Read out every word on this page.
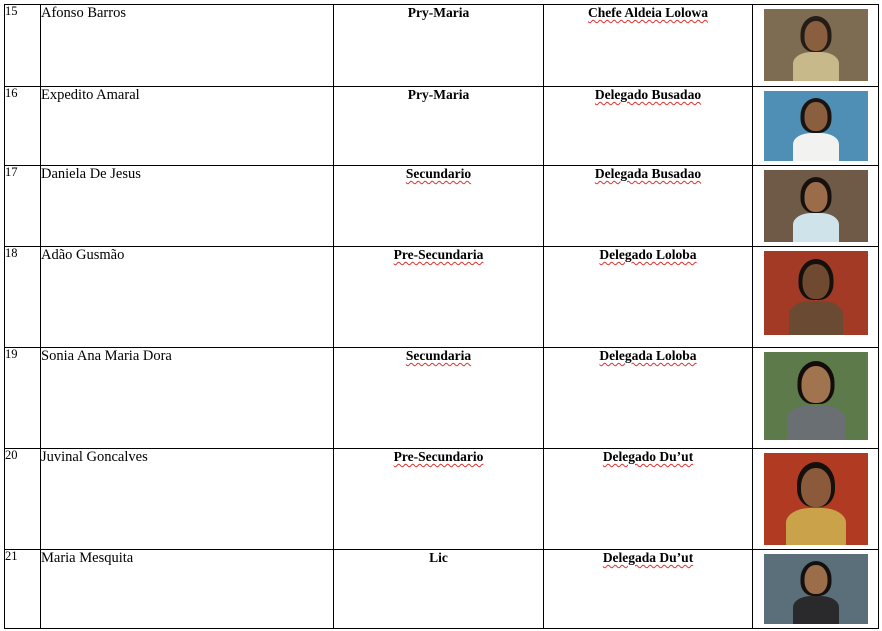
15	Afonso Barros	Pry-Maria	Chefe Aldeia Lolowa	

16	Expedito Amaral	Pry-Maria	Delegado Busadao	

17	Daniela De Jesus	Secundario	Delegada Busadao	

18	Adão Gusmão	Pre-Secundaria	Delegado Loloba	

19	Sonia Ana Maria Dora	Secundaria	Delegada Loloba	

20	Juvinal Goncalves	Pre-Secundario	Delegado Du’ut	

21	Maria Mesquita	Lic	Delegada Du’ut	
